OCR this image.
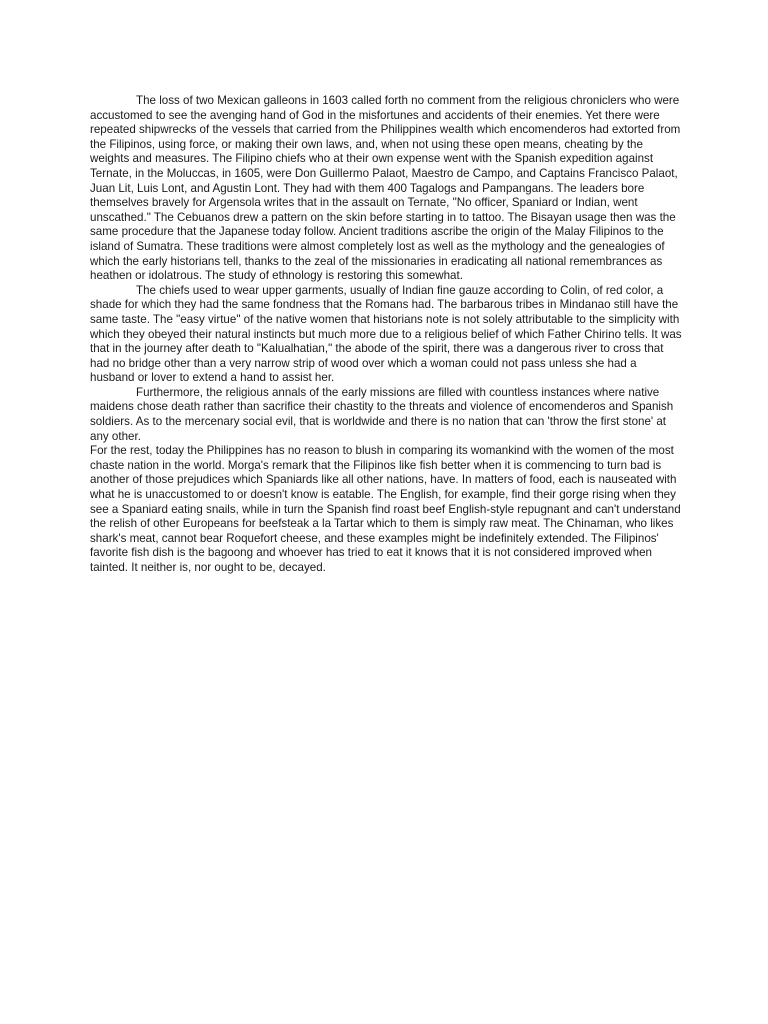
The loss of two Mexican galleons in 1603 called forth no comment from the religious chroniclers who were accustomed to see the avenging hand of God in the misfortunes and accidents of their enemies. Yet there were repeated shipwrecks of the vessels that carried from the Philippines wealth which encomenderos had extorted from the Filipinos, using force, or making their own laws, and, when not using these open means, cheating by the weights and measures. The Filipino chiefs who at their own expense went with the Spanish expedition against Ternate, in the Moluccas, in 1605, were Don Guillermo Palaot, Maestro de Campo, and Captains Francisco Palaot, Juan Lit, Luis Lont, and Agustin Lont. They had with them 400 Tagalogs and Pampangans. The leaders bore themselves bravely for Argensola writes that in the assault on Ternate, "No officer, Spaniard or Indian, went unscathed." The Cebuanos drew a pattern on the skin before starting in to tattoo. The Bisayan usage then was the same procedure that the Japanese today follow. Ancient traditions ascribe the origin of the Malay Filipinos to the island of Sumatra. These traditions were almost completely lost as well as the mythology and the genealogies of which the early historians tell, thanks to the zeal of the missionaries in eradicating all national remembrances as heathen or idolatrous. The study of ethnology is restoring this somewhat.

The chiefs used to wear upper garments, usually of Indian fine gauze according to Colin, of red color, a shade for which they had the same fondness that the Romans had. The barbarous tribes in Mindanao still have the same taste. The "easy virtue" of the native women that historians note is not solely attributable to the simplicity with which they obeyed their natural instincts but much more due to a religious belief of which Father Chirino tells. It was that in the journey after death to "Kalualhatian," the abode of the spirit, there was a dangerous river to cross that had no bridge other than a very narrow strip of wood over which a woman could not pass unless she had a husband or lover to extend a hand to assist her.

Furthermore, the religious annals of the early missions are filled with countless instances where native maidens chose death rather than sacrifice their chastity to the threats and violence of encomenderos and Spanish soldiers. As to the mercenary social evil, that is worldwide and there is no nation that can 'throw the first stone' at any other.

For the rest, today the Philippines has no reason to blush in comparing its womankind with the women of the most chaste nation in the world. Morga's remark that the Filipinos like fish better when it is commencing to turn bad is another of those prejudices which Spaniards like all other nations, have. In matters of food, each is nauseated with what he is unaccustomed to or doesn't know is eatable. The English, for example, find their gorge rising when they see a Spaniard eating snails, while in turn the Spanish find roast beef English-style repugnant and can't understand the relish of other Europeans for beefsteak a la Tartar which to them is simply raw meat. The Chinaman, who likes shark's meat, cannot bear Roquefort cheese, and these examples might be indefinitely extended. The Filipinos' favorite fish dish is the bagoong and whoever has tried to eat it knows that it is not considered improved when tainted. It neither is, nor ought to be, decayed.
